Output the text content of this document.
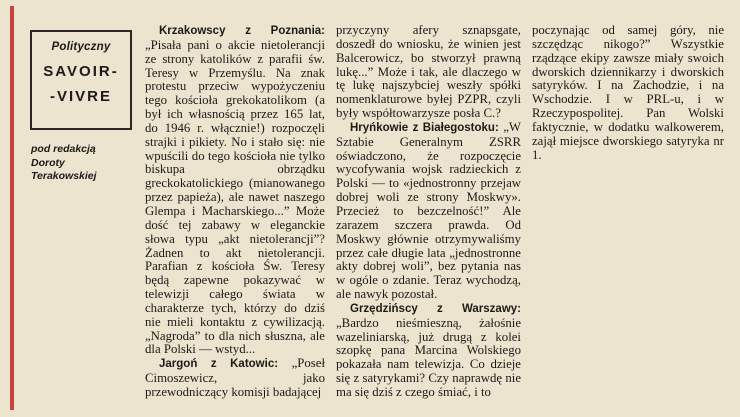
Polityczny
SAVOIR-
-VIVRE
pod redakcją
Doroty
Terakowskiej

Krzakowscy z Poznania: „Pisała pani o akcie nietolerancji ze strony katolików z parafii św. Teresy w Przemyślu. Na znak protestu przeciw wypożyczeniu tego kościoła grekokatolikom (a był ich własnością przez 165 lat, do 1946 r. włącznie!) rozpoczęli strajki i pikiety. No i stało się: nie wpuścili do tego kościoła nie tylko biskupa obrządku greckokatolickiego (mianowanego przez papieża), ale nawet naszego Glempa i Macharskiego...” Może dość tej zabawy w eleganckie słowa typu „akt nietolerancji”? Żadnen to akt nietolerancji. Parafian z kościoła Św. Teresy będą zapewne pokazywać w telewizji całego świata w charakterze tych, którzy do dziś nie mieli kontaktu z cywilizacją. „Nagroda” to dla nich słuszna, ale dla Polski — wstyd...

Jargoń z Katowic: „Poseł Cimoszewicz, jako przewodniczący komisji badającej

przyczyny afery sznapsgate, doszedł do wniosku, że winien jest Balcerowicz, bo stworzył prawną lukę...” Może i tak, ale dlaczego w tę lukę najszybciej weszły spółki nomenklaturowe byłej PZPR, czyli były współtowarzysze posła C.?

Hryńkowie z Białegostoku: „W Sztabie Generalnym ZSRR oświadczono, że rozpoczęcie wycofywania wojsk radzieckich z Polski — to «jednostronny przejaw dobrej woli ze strony Moskwy». Przecież to bezczelność!” Ale zarazem szczera prawda. Od Moskwy głównie otrzymywaliśmy przez całe długie lata „jednostronne akty dobrej woli”, bez pytania nas w ogóle o zdanie. Teraz wychodzą, ale nawyk pozostał.

Grzędzińscy z Warszawy: „Bardzo nieśmieszną, żałośnie wazeliniarską, już drugą z kolei szopkę pana Marcina Wolskiego pokazała nam telewizja. Co dzieje się z satyrykami? Czy naprawdę nie ma się dziś z czego śmiać, i to

poczynając od samej góry, nie szczędząc nikogo?” Wszystkie rządzące ekipy zawsze miały swoich dworskich dziennikarzy i dworskich satyryków. I na Zachodzie, i na Wschodzie. I w PRL-u, i w Rzeczypospolitej. Pan Wolski faktycznie, w dodatku walkowerem, zajął miejsce dworskiego satyryka nr 1.
